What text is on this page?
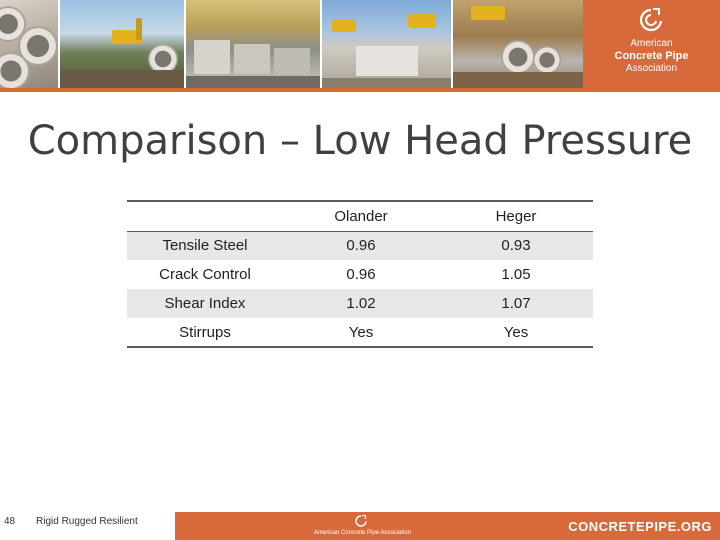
American
Concrete Pipe
Association
Comparison – Low Head Pressure
	Olander	Heger
Tensile Steel	0.96	0.93
Crack Control	0.96	1.05
Shear Index	1.02	1.07
Stirrups	Yes	Yes
48 Rigid Rugged Resilient
American Concrete Pipe Association	CONCRETEPIPE.ORG
